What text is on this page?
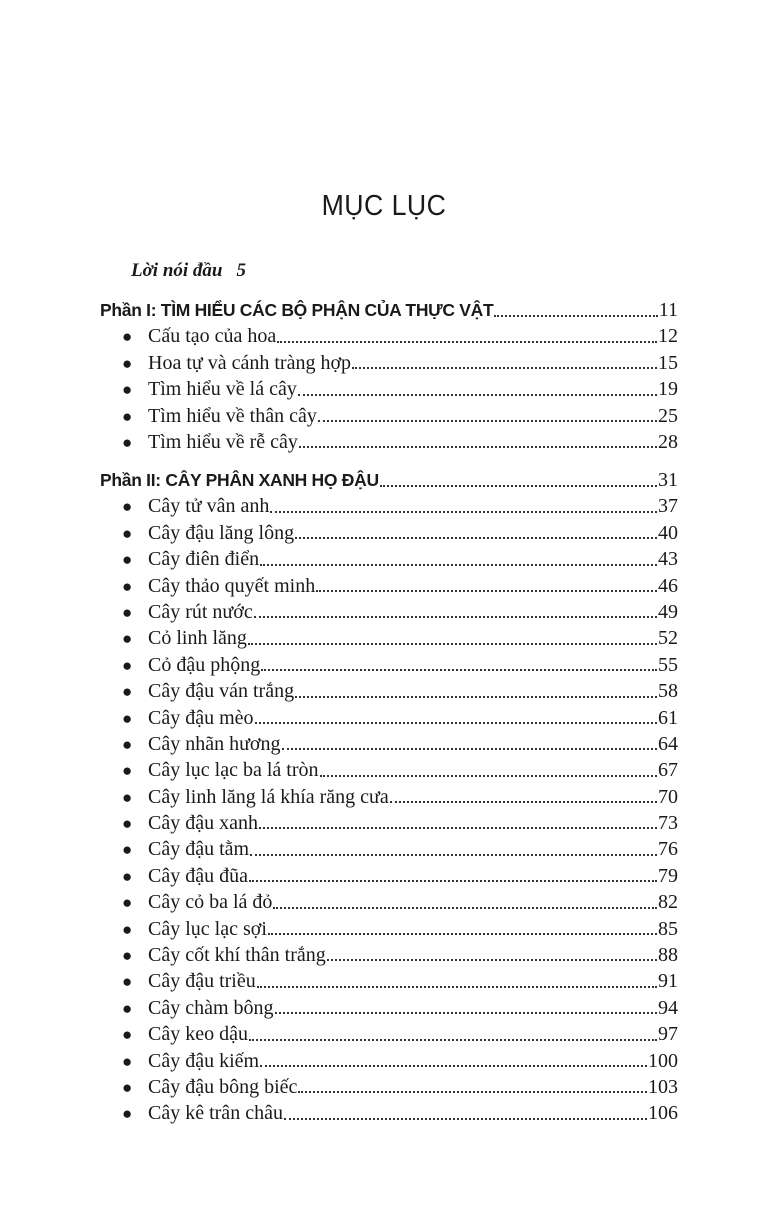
MỤC LỤC
Lời nói đầu 5
Phần I: TÌM HIỂU CÁC BỘ PHẬN CỦA THỰC VẬT	11
● Cấu tạo của hoa	12
● Hoa tự và cánh tràng hợp	15
● Tìm hiểu về lá cây	19
● Tìm hiểu về thân cây	25
● Tìm hiểu về rễ cây	28
Phần II: CÂY PHÂN XANH HỌ ĐẬU	31
● Cây tử vân anh	37
● Cây đậu lăng lông	40
● Cây điên điển	43
● Cây thảo quyết minh	46
● Cây rút nước	49
● Cỏ linh lăng	52
● Cỏ đậu phộng	55
● Cây đậu ván trắng	58
● Cây đậu mèo	61
● Cây nhãn hương	64
● Cây lục lạc ba lá tròn	67
● Cây linh lăng lá khía răng cưa	70
● Cây đậu xanh	73
● Cây đậu tằm	76
● Cây đậu đũa	79
● Cây cỏ ba lá đỏ	82
● Cây lục lạc sợi	85
● Cây cốt khí thân trắng	88
● Cây đậu triều	91
● Cây chàm bông	94
● Cây keo dậu	97
● Cây đậu kiếm	100
● Cây đậu bông biếc	103
● Cây kê trân châu	106
